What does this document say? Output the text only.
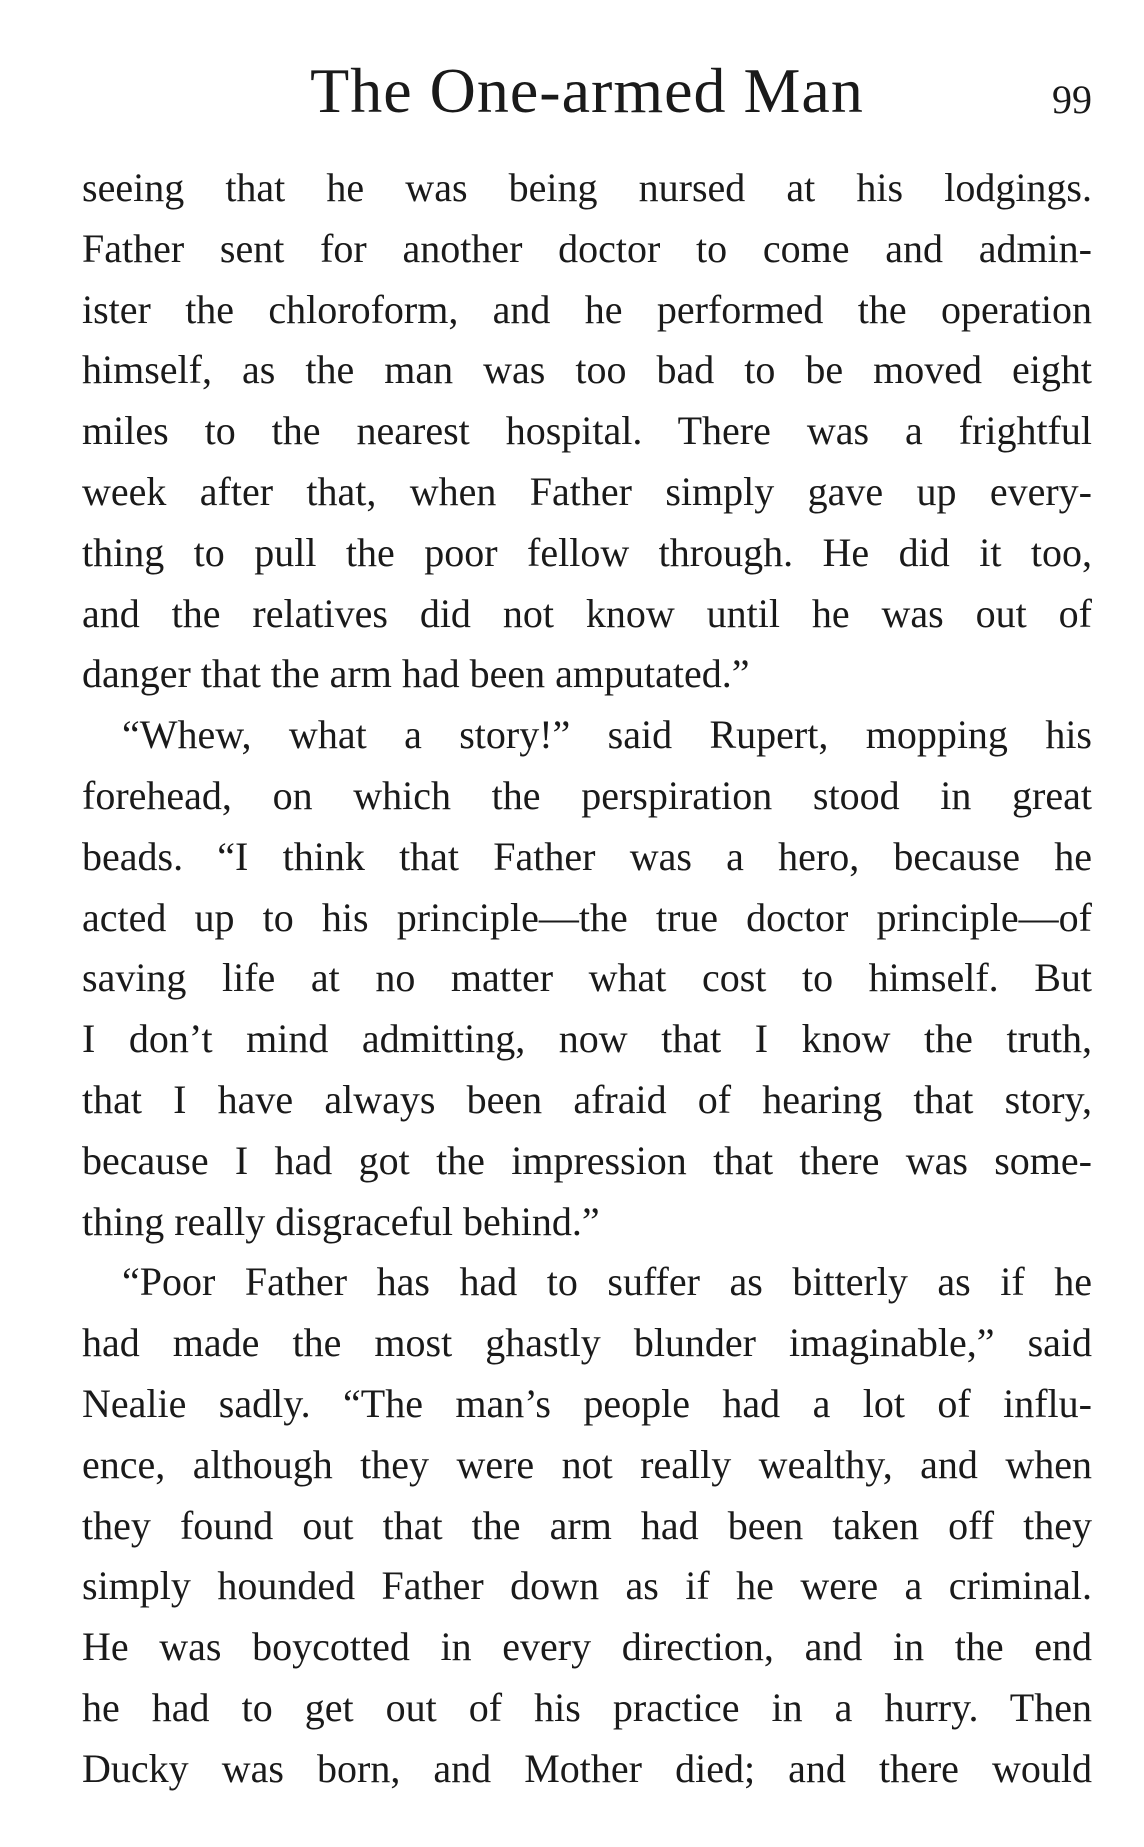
The One-armed Man	99
seeing that he was being nursed at his lodgings.
Father sent for another doctor to come and admin-
ister the chloroform, and he performed the operation
himself, as the man was too bad to be moved eight
miles to the nearest hospital. There was a frightful
week after that, when Father simply gave up every-
thing to pull the poor fellow through. He did it too,
and the relatives did not know until he was out of
danger that the arm had been amputated.”
“Whew, what a story!” said Rupert, mopping his
forehead, on which the perspiration stood in great
beads. “I think that Father was a hero, because he
acted up to his principle—the true doctor principle—of
saving life at no matter what cost to himself. But
I don’t mind admitting, now that I know the truth,
that I have always been afraid of hearing that story,
because I had got the impression that there was some-
thing really disgraceful behind.”
“Poor Father has had to suffer as bitterly as if he
had made the most ghastly blunder imaginable,” said
Nealie sadly. “The man’s people had a lot of influ-
ence, although they were not really wealthy, and when
they found out that the arm had been taken off they
simply hounded Father down as if he were a criminal.
He was boycotted in every direction, and in the end
he had to get out of his practice in a hurry. Then
Ducky was born, and Mother died; and there would
